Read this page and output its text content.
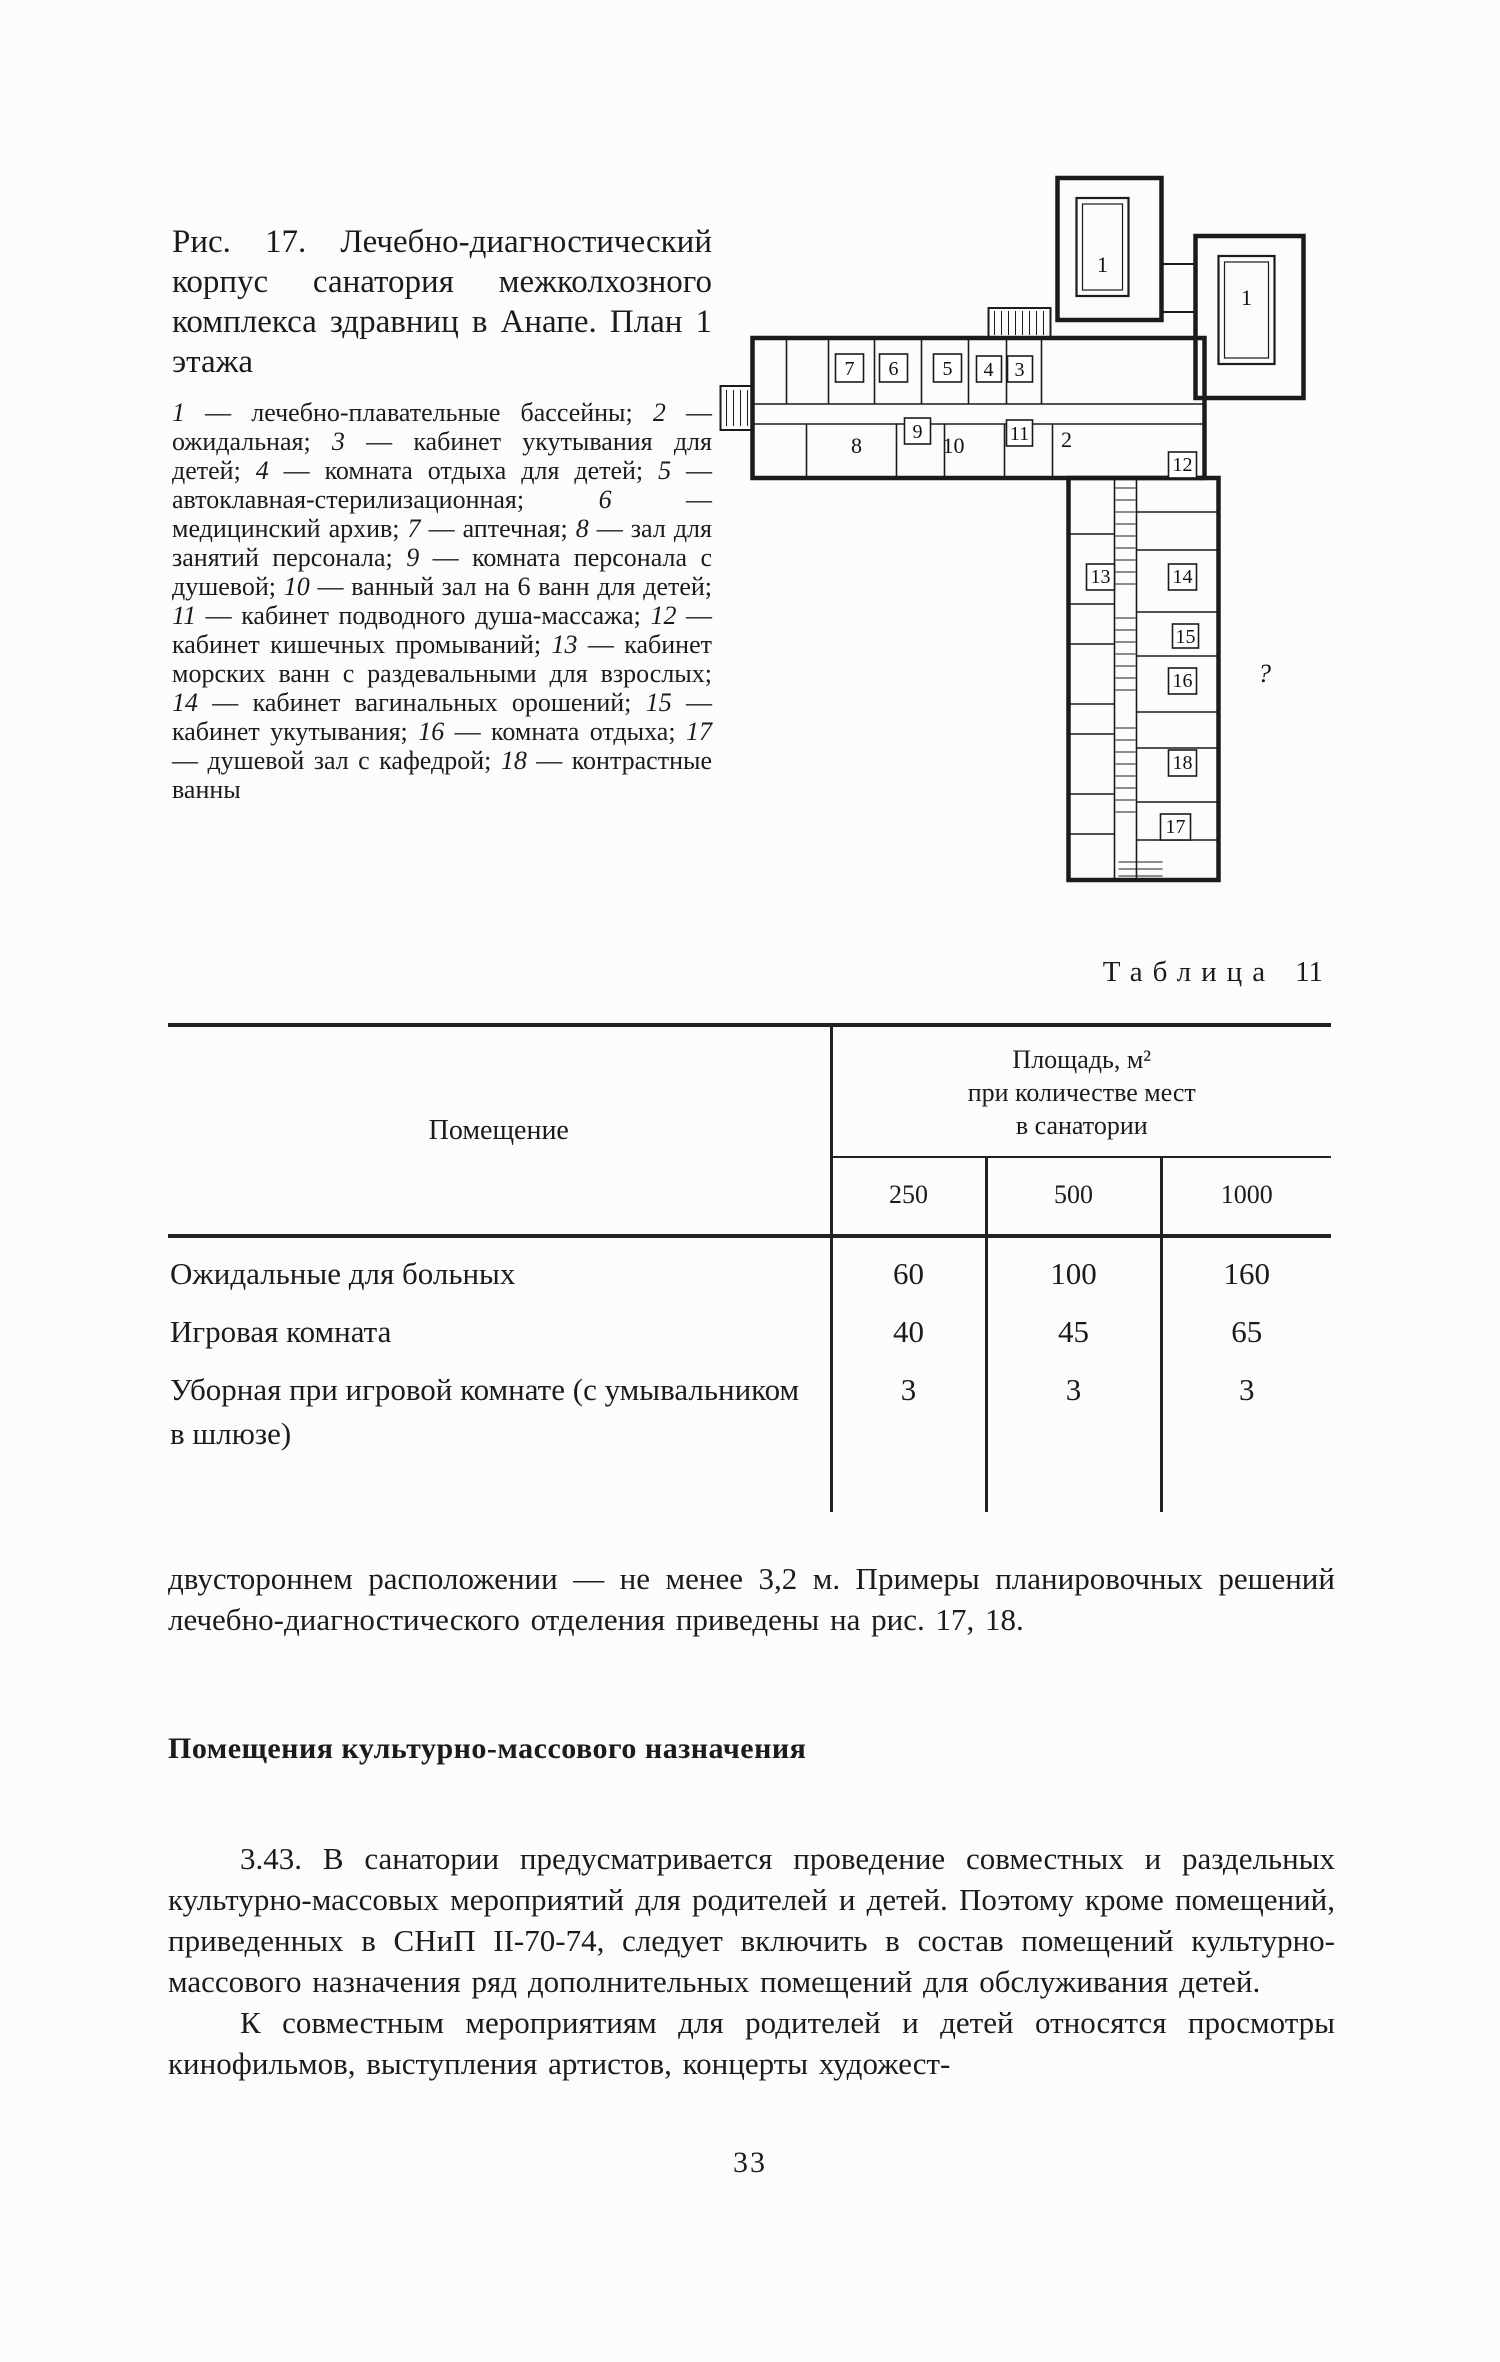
Рис. 17. Лечебно-диагностический корпус санатория межколхозного комплекса здравниц в Анапе. План 1 этажа

1 — лечебно-плавательные бассейны; 2 — ожидальная; 3 — кабинет укутывания для детей; 4 — комната отдыха для детей; 5 — автоклавная-стерилизационная; 6 — медицинский архив; 7 — аптечная; 8 — зал для занятий персонала; 9 — комната персонала с душевой; 10 — ванный зал на 6 ванн для детей; 11 — кабинет подводного душа-массажа; 12 — кабинет кишечных промываний; 13 — кабинет морских ванн с раздевальными для взрослых; 14 — кабинет вагинальных орошений; 15 — кабинет укутывания; 16 — комната отдыха; 17 — душевой зал с кафедрой; 18 — контрастные ванны

1
1
7 6 5 4 3
8
9
10 11 2
12
13	14
15
16
18
17
?
Таблица 11
Помещение	Площадь, м²
при количестве мест
в санатории		

	250	500	1000
Ожидальные для больных	60	100	160
Игровая комната	40	45	65
Уборная при игровой комнате (с умывальником в шлюзе)	3	3	3

двустороннем расположении — не менее 3,2 м. Примеры планировочных решений лечебно-диагностического отделения приведены на рис. 17, 18.

Помещения культурно-массового назначения

3.43. В санатории предусматривается проведение совместных и раздельных культурно-массовых мероприятий для родителей и детей. Поэтому кроме помещений, приведенных в СНиП II-70-74, следует включить в состав помещений культурно-массового назначения ряд дополнительных помещений для обслуживания детей.

К совместным мероприятиям для родителей и детей относятся просмотры кинофильмов, выступления артистов, концерты художест-

33
